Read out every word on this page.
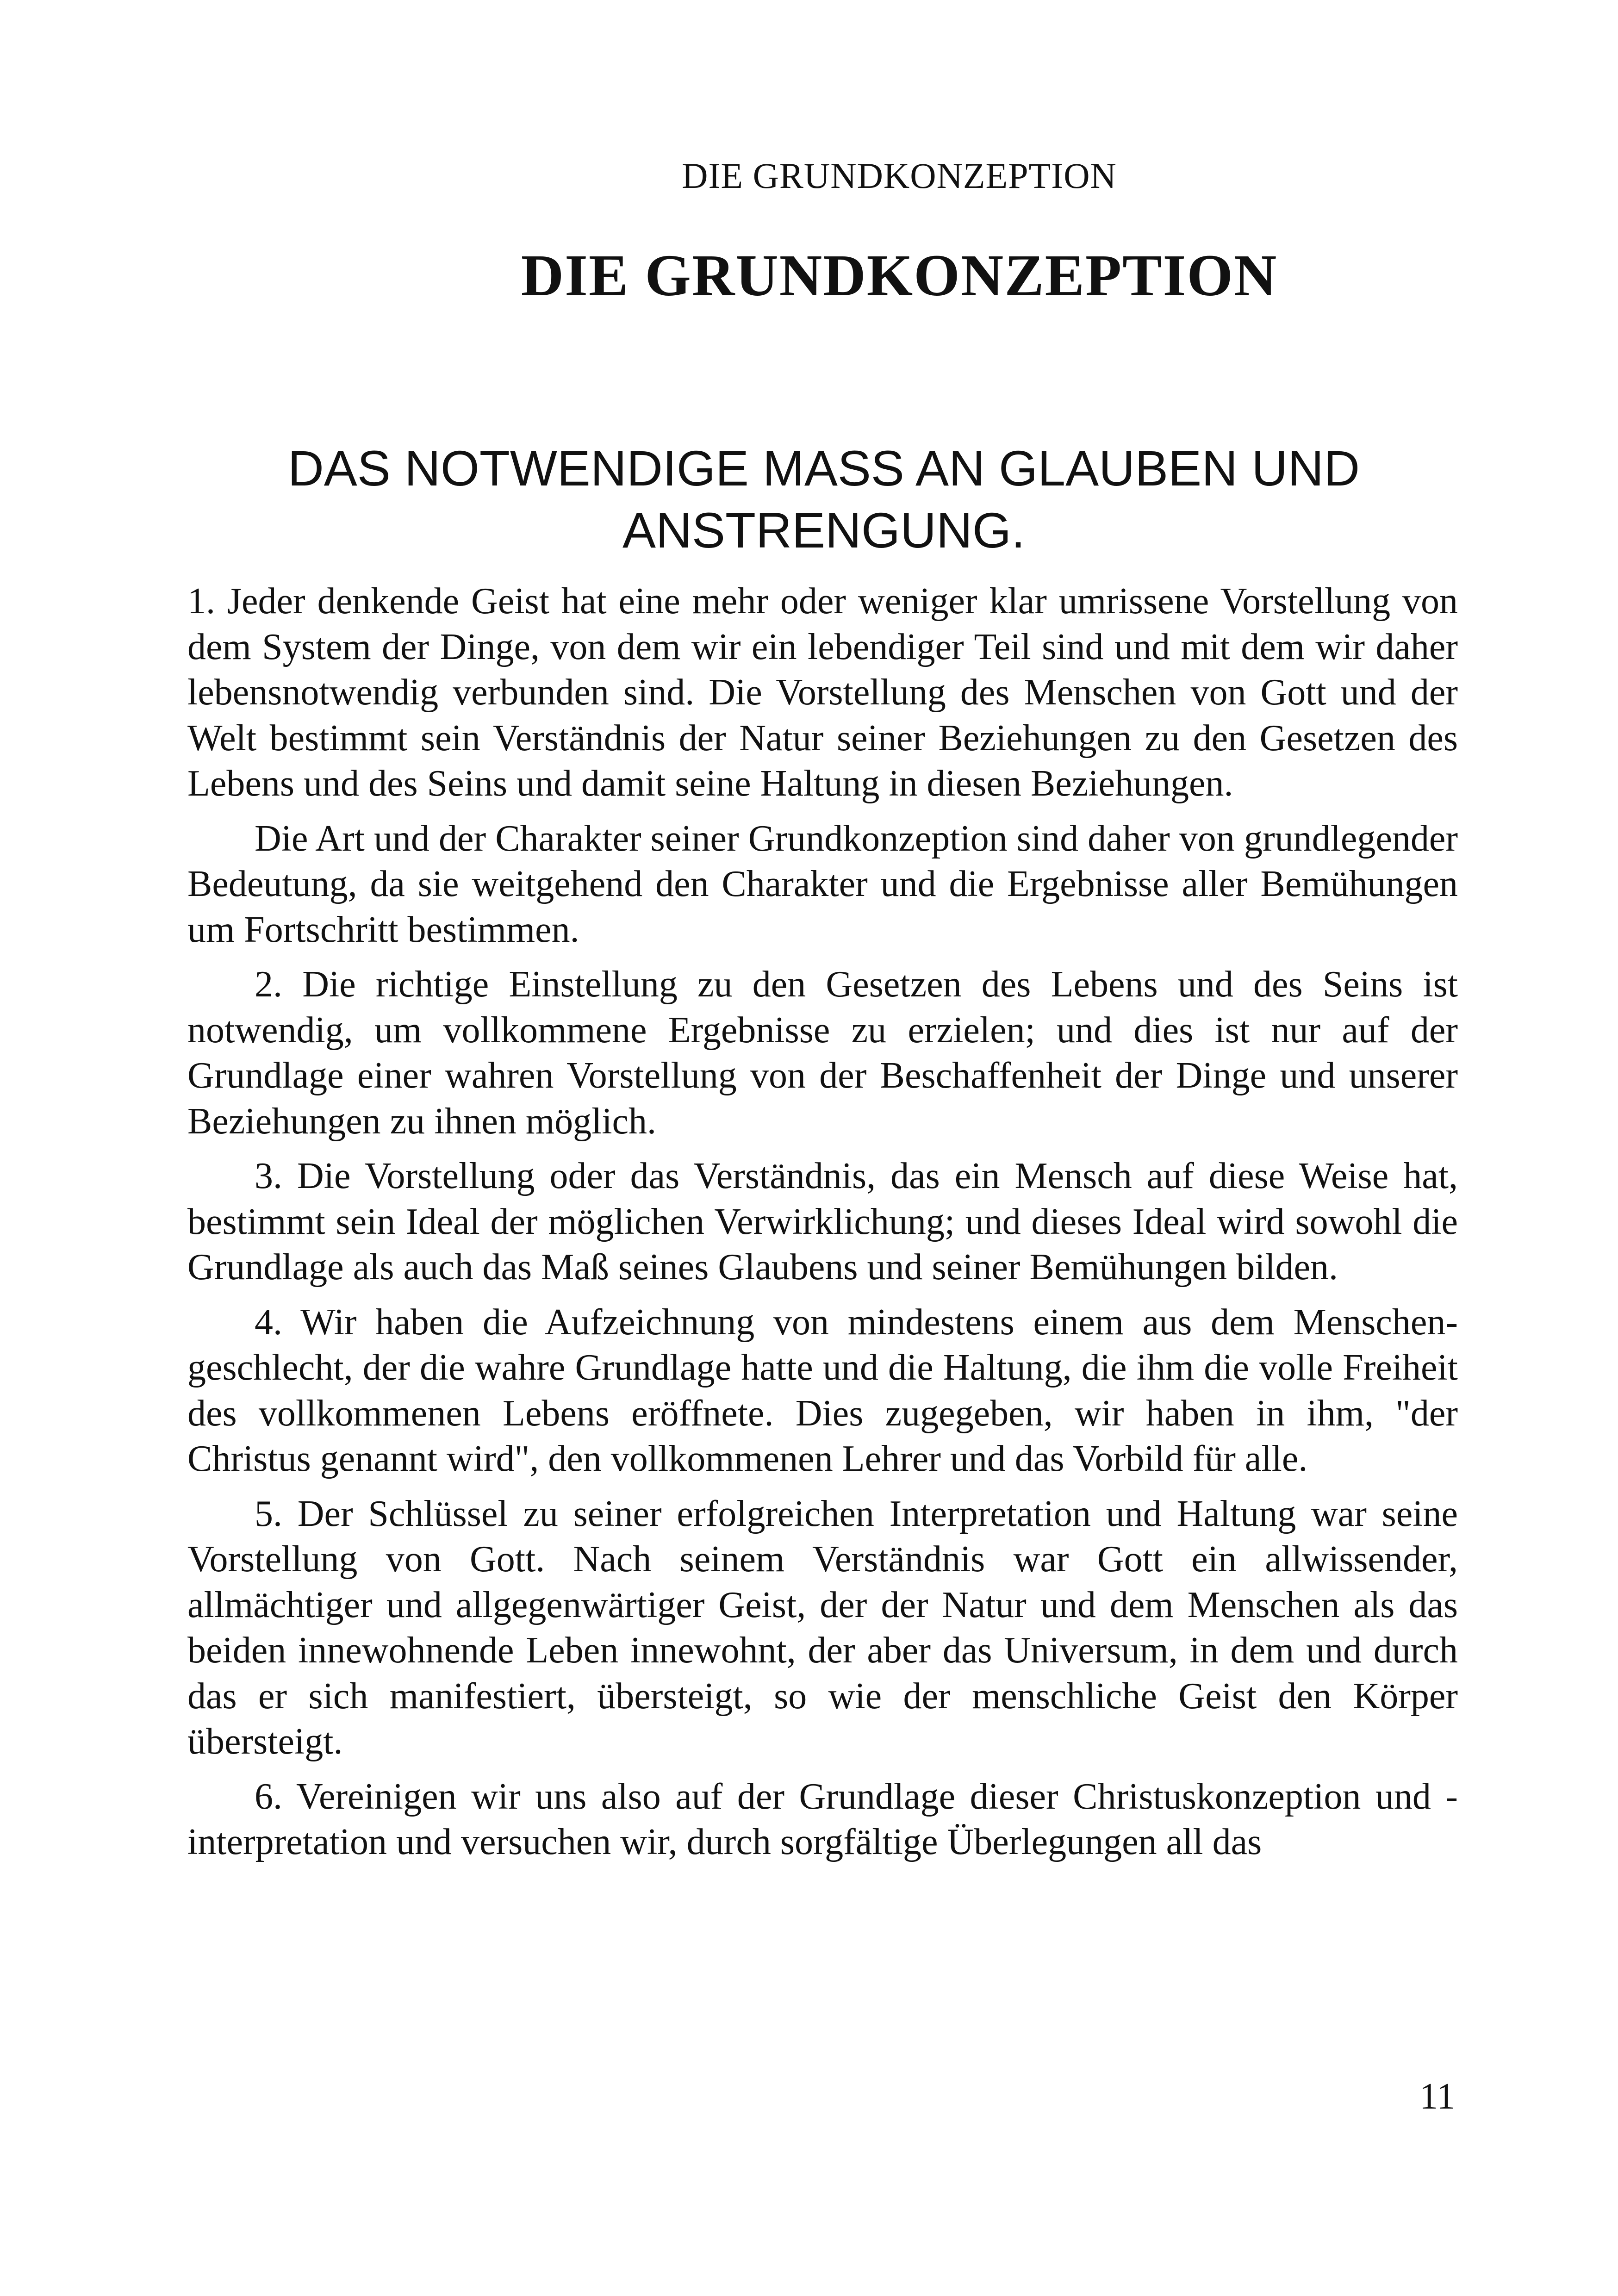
DIE GRUNDKONZEPTION
DIE GRUNDKONZEPTION
DAS NOTWENDIGE MASS AN GLAUBEN UND
ANSTRENGUNG.

1. Jeder denkende Geist hat eine mehr oder weniger klar umrissene Vorstellung von dem System der Dinge, von dem wir ein lebendiger Teil sind und mit dem wir daher lebensnotwendig verbunden sind. Die Vorstellung des Menschen von Gott und der Welt bestimmt sein Verständnis der Natur seiner Beziehungen zu den Gesetzen des Lebens und des Seins und damit seine Haltung in diesen Beziehungen.

Die Art und der Charakter seiner Grundkonzeption sind daher von grundlegender Bedeutung, da sie weitgehend den Charakter und die Ergebnisse aller Bemühungen um Fortschritt bestimmen.

2. Die richtige Einstellung zu den Gesetzen des Lebens und des Seins ist notwendig, um vollkommene Ergebnisse zu erzielen; und dies ist nur auf der Grundlage einer wahren Vorstellung von der Beschaffenheit der Dinge und unserer Beziehungen zu ihnen möglich.

3. Die Vorstellung oder das Verständnis, das ein Mensch auf diese Weise hat, bestimmt sein Ideal der möglichen Verwirklichung; und dieses Ideal wird sowohl die Grundlage als auch das Maß seines Glaubens und seiner Bemühungen bilden.

4. Wir haben die Aufzeichnung von mindestens einem aus dem Menschengeschlecht, der die wahre Grundlage hatte und die Haltung, die ihm die volle Freiheit des vollkommenen Lebens eröffnete. Dies zugegeben, wir haben in ihm, "der Christus genannt wird", den vollkommenen Lehrer und das Vorbild für alle.

5. Der Schlüssel zu seiner erfolgreichen Interpretation und Haltung war seine Vorstellung von Gott. Nach seinem Verständnis war Gott ein allwissender, allmächtiger und allgegenwärtiger Geist, der der Natur und dem Menschen als das beiden innewohnende Leben innewohnt, der aber das Universum, in dem und durch das er sich manifestiert, übersteigt, so wie der menschliche Geist den Körper übersteigt.

6. Vereinigen wir uns also auf der Grundlage dieser Christuskonzeption und -interpretation und versuchen wir, durch sorgfältige Überlegungen all das

11
